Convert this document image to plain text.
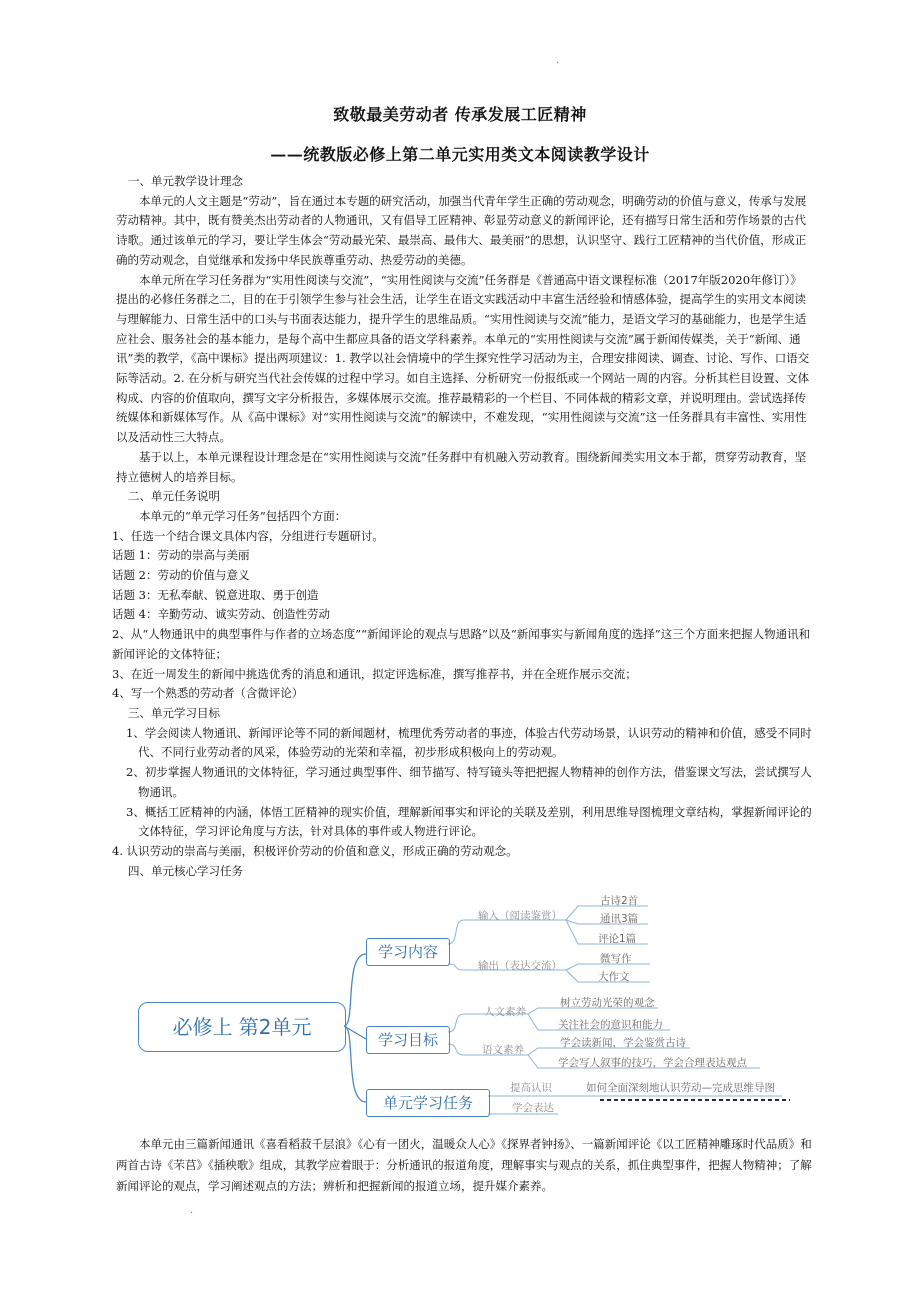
·
致敬最美劳动者 传承发展工匠精神
——统教版必修上第二单元实用类文本阅读教学设计

一、单元教学设计理念

本单元的人文主题是“劳动”，旨在通过本专题的研究活动，加强当代青年学生正确的劳动观念，明确劳动的价值与意义，传承与发展劳动精神。其中，既有赞美杰出劳动者的人物通讯，又有倡导工匠精神、彰显劳动意义的新闻评论，还有描写日常生活和劳作场景的古代诗歌。通过该单元的学习，要让学生体会“劳动最光荣、最崇高、最伟大、最美丽”的思想，认识坚守、践行工匠精神的当代价值，形成正确的劳动观念，自觉继承和发扬中华民族尊重劳动、热爱劳动的美德。

本单元所在学习任务群为“实用性阅读与交流”，“实用性阅读与交流”任务群是《普通高中语文课程标准（2017年版2020年修订）》提出的必修任务群之二，目的在于引领学生参与社会生活，让学生在语文实践活动中丰富生活经验和情感体验，提高学生的实用文本阅读与理解能力、日常生活中的口头与书面表达能力，提升学生的思维品质。“实用性阅读与交流”能力，是语文学习的基础能力，也是学生适应社会、服务社会的基本能力，是每个高中生都应具备的语文学科素养。本单元的“实用性阅读与交流”属于新闻传媒类，关于“新闻、通讯”类的教学，《高中课标》提出两项建议：1. 教学以社会情境中的学生探究性学习活动为主，合理安排阅读、调查、讨论、写作、口语交际等活动。2. 在分析与研究当代社会传媒的过程中学习。如自主选择、分析研究一份报纸或一个网站一周的内容。分析其栏目设置、文体构成、内容的价值取向，撰写文字分析报告，多媒体展示交流。推荐最精彩的一个栏目、不同体裁的精彩文章，并说明理由。尝试选择传统媒体和新媒体写作。从《高中课标》对“实用性阅读与交流”的解读中，不难发现，“实用性阅读与交流”这一任务群具有丰富性、实用性以及活动性三大特点。

基于以上，本单元课程设计理念是在“实用性阅读与交流”任务群中有机融入劳动教育。围绕新闻类实用文本于都，贯穿劳动教育，坚持立德树人的培养目标。

二、单元任务说明

本单元的“单元学习任务”包括四个方面：

1、任选一个结合课文具体内容，分组进行专题研讨。

话题 1：劳动的崇高与美丽

话题 2：劳动的价值与意义

话题 3：无私奉献、锐意进取、勇于创造

话题 4：辛勤劳动、诚实劳动、创造性劳动

2、从“人物通讯中的典型事件与作者的立场态度”“新闻评论的观点与思路”以及“新闻事实与新闻角度的选择”这三个方面来把握人物通讯和新闻评论的文体特征；

3、在近一周发生的新闻中挑选优秀的消息和通讯，拟定评选标准，撰写推荐书，并在全班作展示交流；

4、写一个熟悉的劳动者（含微评论）

三、单元学习目标

1、学会阅读人物通讯、新闻评论等不同的新闻题材，梳理优秀劳动者的事迹，体验古代劳动场景，认识劳动的精神和价值，感受不同时代、不同行业劳动者的风采，体验劳动的光荣和幸福，初步形成积极向上的劳动观。

2、初步掌握人物通讯的文体特征，学习通过典型事件、细节描写、特写镜头等把把握人物精神的创作方法，借鉴课文写法，尝试撰写人物通讯。

3、概括工匠精神的内涵，体悟工匠精神的现实价值，理解新闻事实和评论的关联及差别，利用思维导图梳理文章结构，掌握新闻评论的文体特征，学习评论角度与方法，针对具体的事件或人物进行评论。

4. 认识劳动的崇高与美丽，积极评价劳动的价值和意义，形成正确的劳动观念。

四、单元核心学习任务

必修上 第2单元
学习内容
学习目标
单元学习任务
输入（阅读鉴赏）
输出（表达交流）
古诗2首
通讯3篇
评论1篇
微写作
大作文
人文素养
语文素养
树立劳动光荣的观念
关注社会的意识和能力
学会读新闻，学会鉴赏古诗
学会写人叙事的技巧，学会合理表达观点
提高认识
学会表达
如何全面深刻地认识劳动—完成思维导图
本单元由三篇新闻通讯《喜看稻菽千层浪》《心有一团火，温暖众人心》《探界者钟扬》、一篇新闻评论《以工匠精神雕琢时代品质》和两首古诗《芣苢》《插秧歌》组成，其教学应着眼于：分析通讯的报道角度，理解事实与观点的关系，抓住典型事件，把握人物精神；了解新闻评论的观点，学习阐述观点的方法；辨析和把握新闻的报道立场，提升媒介素养。
·
